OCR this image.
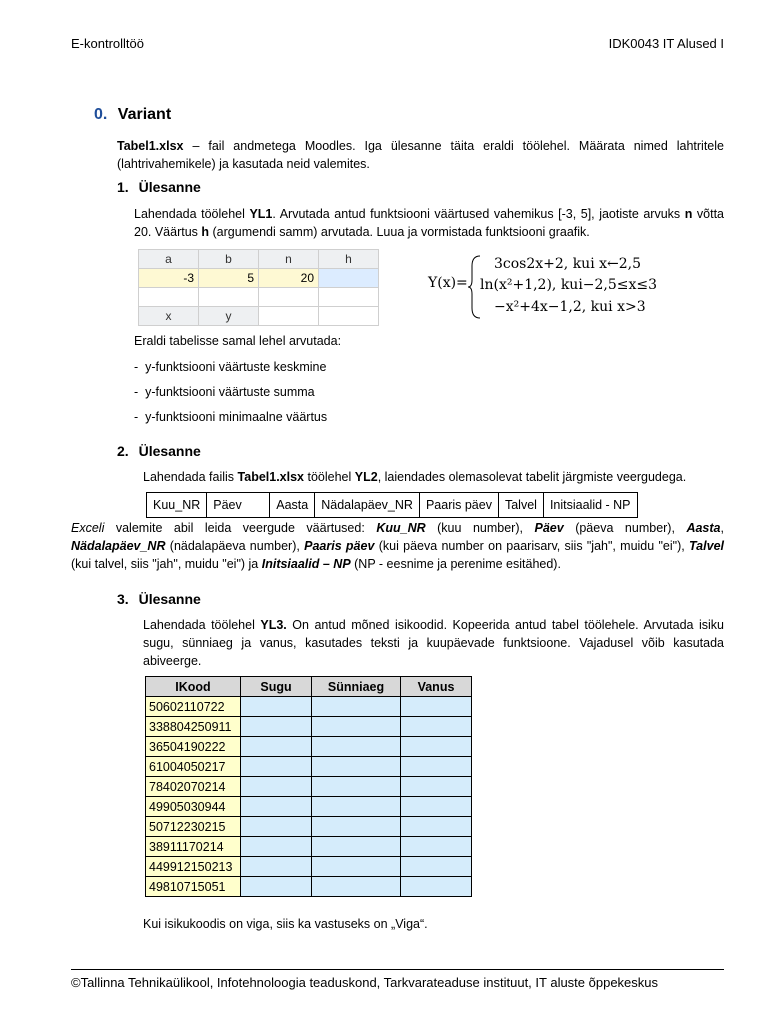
E-kontrolltöö	IDK0043 IT Alused I
0. Variant
Tabel1.xlsx – fail andmetega Moodles. Iga ülesanne täita eraldi töölehel. Määrata nimed lahtritele (lahtrivahemikele) ja kasutada neid valemites.
1. Ülesanne
Lahendada töölehel YL1. Arvutada antud funktsiooni väärtused vahemikus [-3, 5], jaotiste arvuks n võtta 20. Väärtus h (argumendi samm) arvutada. Luua ja vormistada funktsiooni graafik.
a	b	n	h
-3	5	20	

x	y		
Y(x)=
3cos2x+2, kui x←2,5
ln(x²+1,2), kui−2,5≤x≤3
−x²+4x−1,2, kui x>3
Eraldi tabelisse samal lehel arvutada:
-  y-funktsiooni väärtuste keskmine
-  y-funktsiooni väärtuste summa
-  y-funktsiooni minimaalne väärtus
2. Ülesanne
Lahendada failis Tabel1.xlsx töölehel YL2, laiendades olemasolevat tabelit järgmiste veergudega.
Kuu_NR	Päev	Aasta	Nädalapäev_NR	Paaris päev	Talvel	Initsiaalid - NP
Exceli valemite abil leida veergude väärtused: Kuu_NR (kuu number), Päev (päeva number), Aasta, Nädalapäev_NR (nädalapäeva number), Paaris päev (kui päeva number on paarisarv, siis "jah", muidu "ei"), Talvel (kui talvel, siis "jah", muidu "ei") ja Initsiaalid – NP (NP - eesnime ja perenime esitähed).
3. Ülesanne
Lahendada töölehel YL3. On antud mõned isikoodid. Kopeerida antud tabel töölehele. Arvutada isiku sugu, sünniaeg ja vanus, kasutades teksti ja kuupäevade funktsioone. Vajadusel võib kasutada abiveerge.
IKood	Sugu	Sünniaeg	Vanus
50602110722			
338804250911			
36504190222			
61004050217			
78402070214			
49905030944			
50712230215			
38911170214			
449912150213			
49810715051			
Kui isikukoodis on viga, siis ka vastuseks on „Viga“.
©Tallinna Tehnikaülikool, Infotehnoloogia teaduskond, Tarkvarateaduse instituut, IT aluste õppekeskus
